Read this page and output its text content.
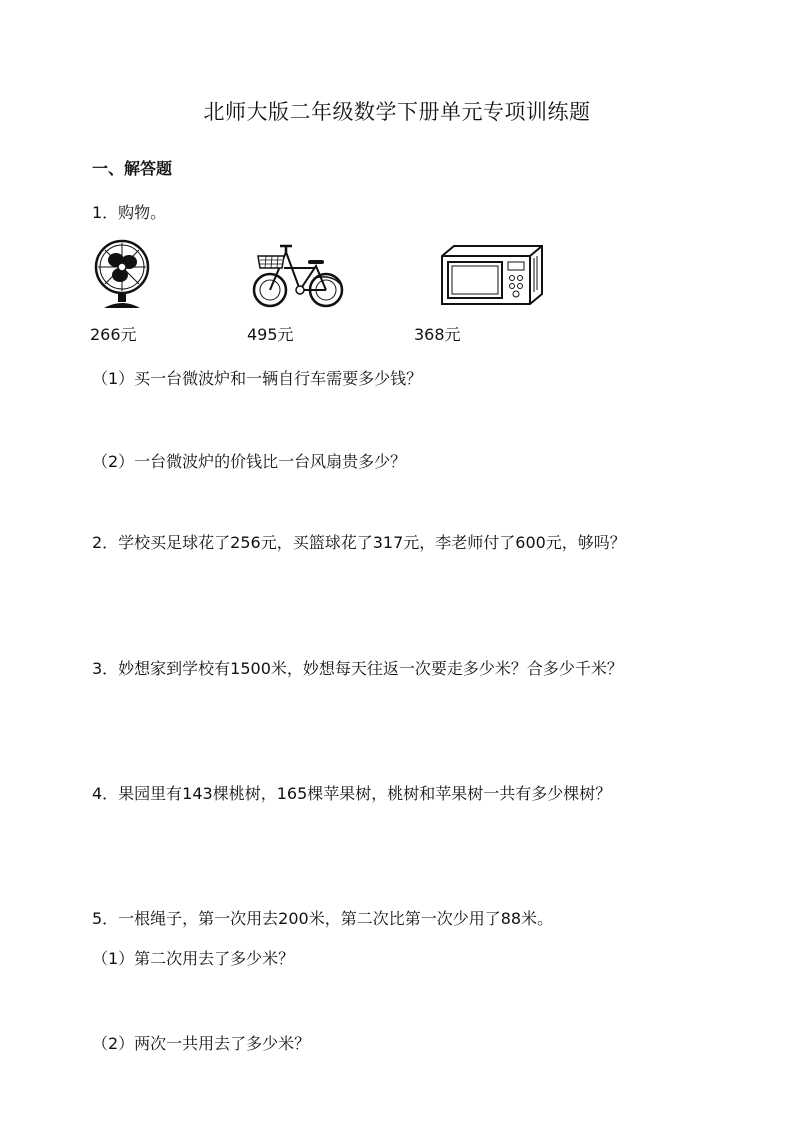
北师大版二年级数学下册单元专项训练题
一、解答题
1．购物。
266元	495元	368元
（1）买一台微波炉和一辆自行车需要多少钱？
（2）一台微波炉的价钱比一台风扇贵多少？
2．学校买足球花了256元，买篮球花了317元，李老师付了600元，够吗？
3．妙想家到学校有1500米，妙想每天往返一次要走多少米？合多少千米？
4．果园里有143棵桃树，165棵苹果树，桃树和苹果树一共有多少棵树？
5．一根绳子，第一次用去200米，第二次比第一次少用了88米。
（1）第二次用去了多少米？
（2）两次一共用去了多少米？
